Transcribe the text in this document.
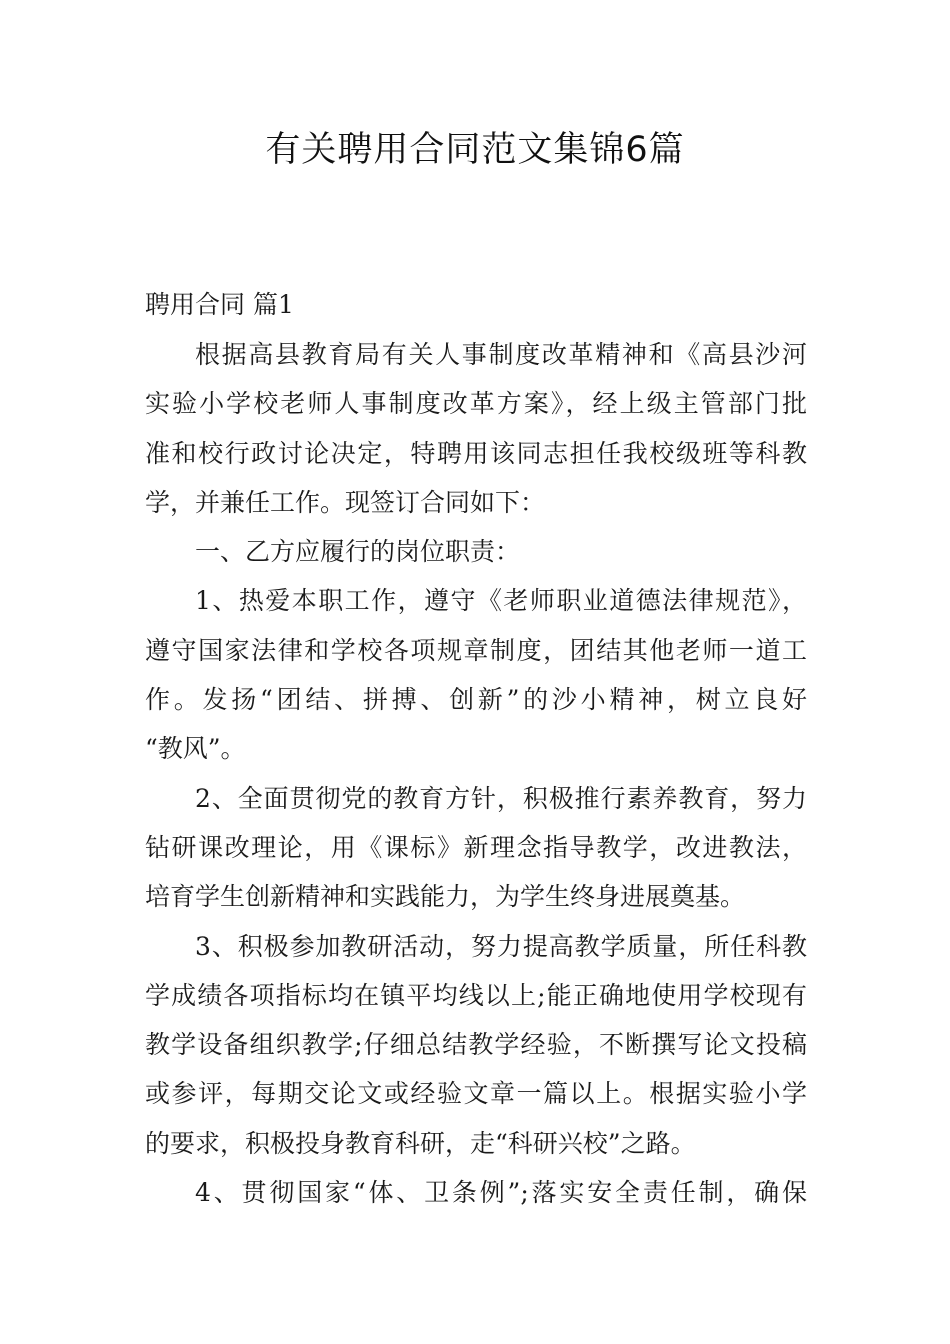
有关聘用合同范文集锦6篇
聘用合同 篇1
根据高县教育局有关人事制度改革精神和《高县沙河
实验小学校老师人事制度改革方案》，经上级主管部门批
准和校行政讨论决定，特聘用该同志担任我校级班等科教
学，并兼任工作。现签订合同如下：
一、乙方应履行的岗位职责：
1、热爱本职工作，遵守《老师职业道德法律规范》，
遵守国家法律和学校各项规章制度，团结其他老师一道工
作。发扬“团结、拼搏、创新”的沙小精神，树立良好
“教风”。
2、全面贯彻党的教育方针，积极推行素养教育，努力
钻研课改理论，用《课标》新理念指导教学，改进教法，
培育学生创新精神和实践能力，为学生终身进展奠基。
3、积极参加教研活动，努力提高教学质量，所任科教
学成绩各项指标均在镇平均线以上;能正确地使用学校现有
教学设备组织教学;仔细总结教学经验，不断撰写论文投稿
或参评，每期交论文或经验文章一篇以上。根据实验小学
的要求，积极投身教育科研，走“科研兴校”之路。
4、贯彻国家“体、卫条例”;落实安全责任制，确保
